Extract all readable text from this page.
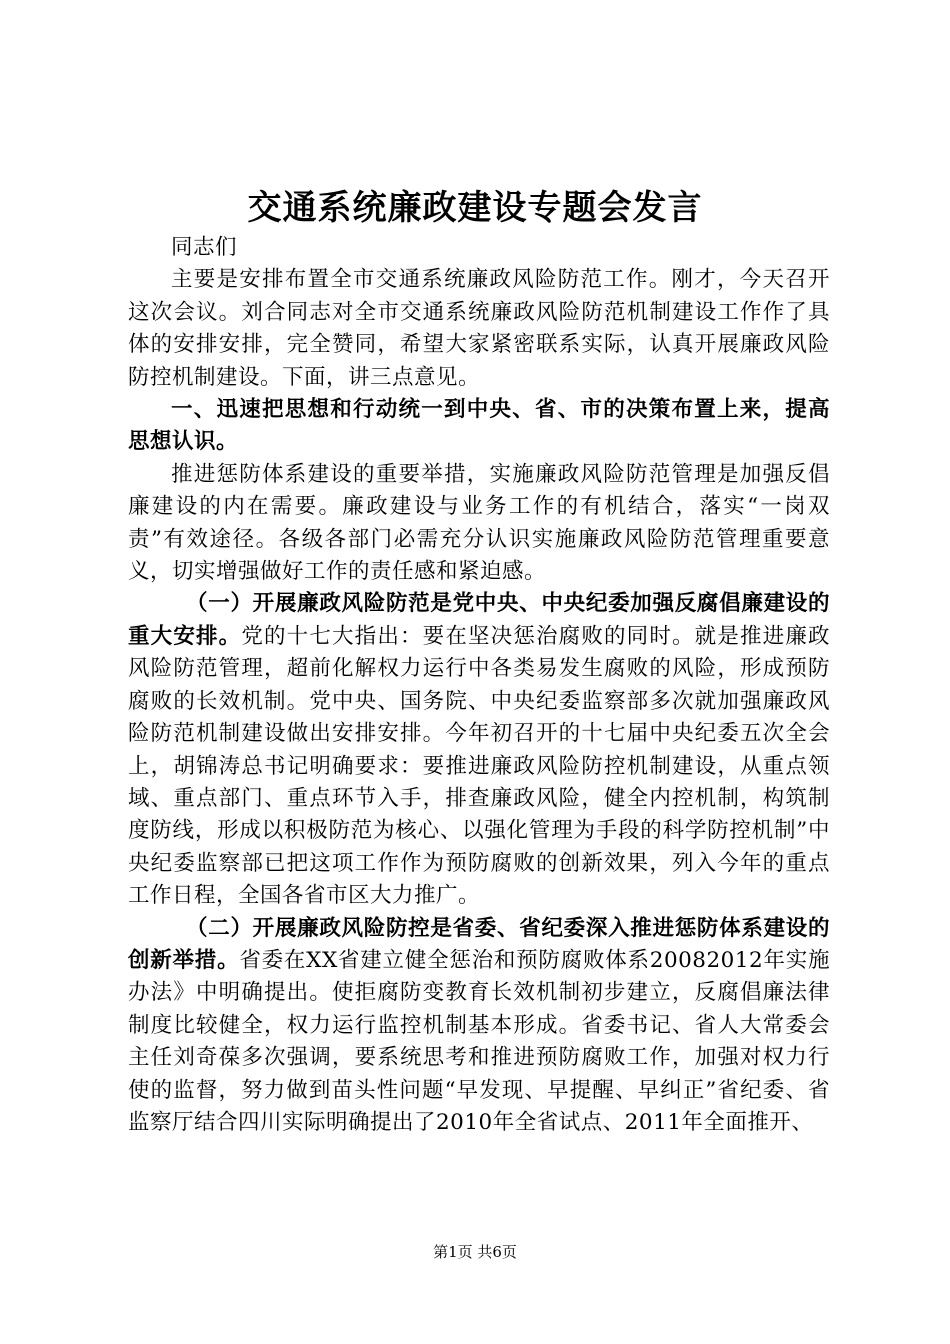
交通系统廉政建设专题会发言

同志们

主要是安排布置全市交通系统廉政风险防范工作。刚才，今天召开这次会议。刘合同志对全市交通系统廉政风险防范机制建设工作作了具体的安排安排，完全赞同，希望大家紧密联系实际，认真开展廉政风险防控机制建设。下面，讲三点意见。

一、迅速把思想和行动统一到中央、省、市的决策布置上来，提高思想认识。

推进惩防体系建设的重要举措，实施廉政风险防范管理是加强反倡廉建设的内在需要。廉政建设与业务工作的有机结合，落实“一岗双责”有效途径。各级各部门必需充分认识实施廉政风险防范管理重要意义，切实增强做好工作的责任感和紧迫感。

（一）开展廉政风险防范是党中央、中央纪委加强反腐倡廉建设的重大安排。党的十七大指出：要在坚决惩治腐败的同时。就是推进廉政风险防范管理，超前化解权力运行中各类易发生腐败的风险，形成预防腐败的长效机制。党中央、国务院、中央纪委监察部多次就加强廉政风险防范机制建设做出安排安排。今年初召开的十七届中央纪委五次全会上，胡锦涛总书记明确要求：要推进廉政风险防控机制建设，从重点领域、重点部门、重点环节入手，排查廉政风险，健全内控机制，构筑制度防线，形成以积极防范为核心、以强化管理为手段的科学防控机制”中央纪委监察部已把这项工作作为预防腐败的创新效果，列入今年的重点工作日程，全国各省市区大力推广。

（二）开展廉政风险防控是省委、省纪委深入推进惩防体系建设的创新举措。省委在XX省建立健全惩治和预防腐败体系20082012年实施办法》中明确提出。使拒腐防变教育长效机制初步建立，反腐倡廉法律制度比较健全，权力运行监控机制基本形成。省委书记、省人大常委会主任刘奇葆多次强调，要系统思考和推进预防腐败工作，加强对权力行使的监督，努力做到苗头性问题“早发现、早提醒、早纠正”省纪委、省监察厅结合四川实际明确提出了2010年全省试点、2011年全面推开、

第1页 共6页
